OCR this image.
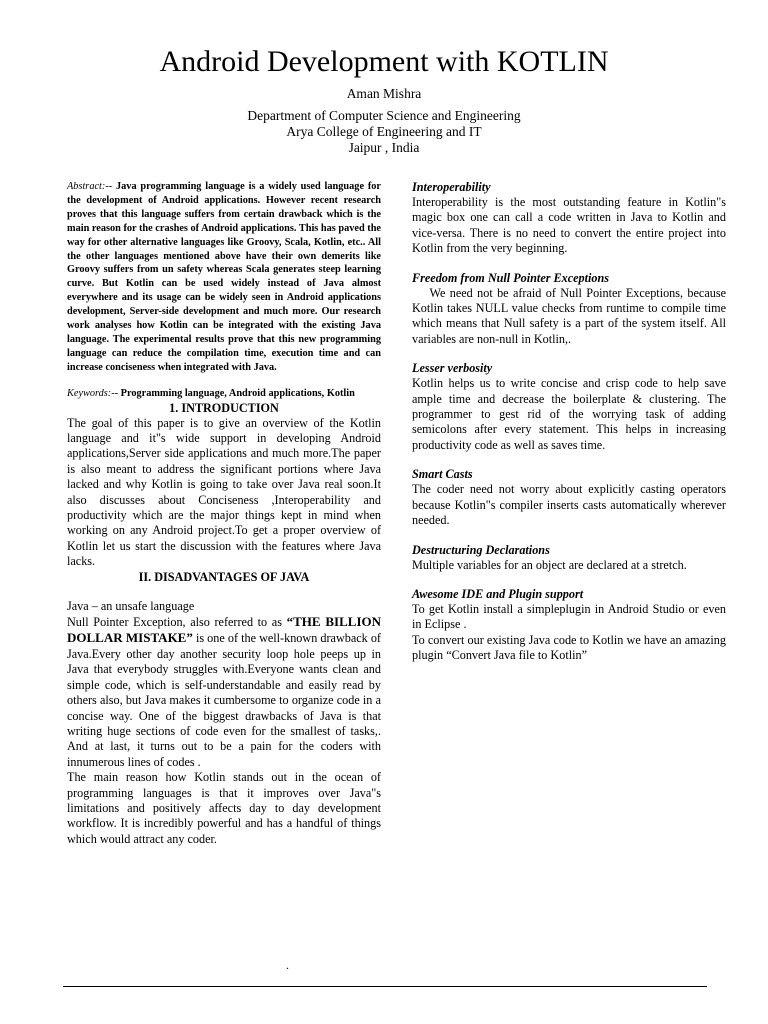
Android Development with KOTLIN
Aman Mishra
Department of Computer Science and Engineering
Arya College of Engineering and IT
Jaipur , India

Abstract:-- Java programming language is a widely used language for the development of Android applications. However recent research proves that this language suffers from certain drawback which is the main reason for the crashes of Android applications. This has paved the way for other alternative languages like Groovy, Scala, Kotlin, etc.. All the other languages mentioned above have their own demerits like Groovy suffers from un safety whereas Scala generates steep learning curve. But Kotlin can be used widely instead of Java almost everywhere and its usage can be widely seen in Android applications development, Server-side development and much more. Our research work analyses how Kotlin can be integrated with the existing Java language. The experimental results prove that this new programming language can reduce the compilation time, execution time and can increase conciseness when integrated with Java.

Keywords:-- Programming language, Android applications, Kotlin

1. INTRODUCTION

The goal of this paper is to give an overview of the Kotlin language and it"s wide support in developing Android applications,Server side applications and much more.The paper is also meant to address the significant portions where Java lacked and why Kotlin is going to take over Java real soon.It also discusses about Conciseness ,Interoperability and productivity which are the major things kept in mind when working on any Android project.To get a proper overview of Kotlin let us start the discussion with the features where Java lacks.

II. DISADVANTAGES OF JAVA

Java – an unsafe language

Null Pointer Exception, also referred to as “THE BILLION DOLLAR MISTAKE” is one of the well-known drawback of Java.Every other day another security loop hole peeps up in Java that everybody struggles with.Everyone wants clean and simple code, which is self-understandable and easily read by others also, but Java makes it cumbersome to organize code in a concise way. One of the biggest drawbacks of Java is that writing huge sections of code even for the smallest of tasks,. And at last, it turns out to be a pain for the coders with innumerous lines of codes .

The main reason how Kotlin stands out in the ocean of programming languages is that it improves over Java"s limitations and positively affects day to day development workflow. It is incredibly powerful and has a handful of things which would attract any coder.

Interoperability

Interoperability is the most outstanding feature in Kotlin"s magic box one can call a code written in Java to Kotlin and vice-versa. There is no need to convert the entire project into Kotlin from the very beginning.

Freedom from Null Pointer Exceptions

We need not be afraid of Null Pointer Exceptions, because Kotlin takes NULL value checks from runtime to compile time which means that Null safety is a part of the system itself. All variables are non-null in Kotlin,.

Lesser verbosity

Kotlin helps us to write concise and crisp code to help save ample time and decrease the boilerplate & clustering. The programmer to gest rid of the worrying task of adding semicolons after every statement. This helps in increasing productivity code as well as saves time.

Smart Casts

The coder need not worry about explicitly casting operators because Kotlin"s compiler inserts casts automatically wherever needed.

Destructuring Declarations

Multiple variables for an object are declared at a stretch.

Awesome IDE and Plugin support

To get Kotlin install a simpleplugin in Android Studio or even in Eclipse .

To convert our existing Java code to Kotlin we have an amazing plugin “Convert Java file to Kotlin”

.
